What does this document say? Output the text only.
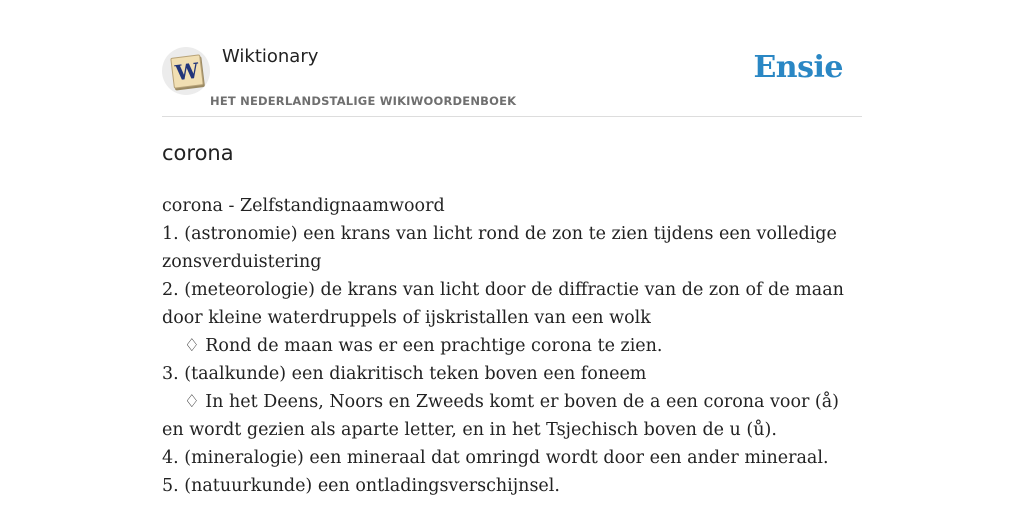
W
Wiktionary
HET NEDERLANDSTALIGE WIKIWOORDENBOEK
Ensie
corona

corona - Zelfstandignaamwoord

1. (astronomie) een krans van licht rond de zon te zien tijdens een volledige zonsverduistering

2. (meteorologie) de krans van licht door de diffractie van de zon of de maan door kleine waterdruppels of ijskristallen van een wolk

♢ Rond de maan was er een prachtige corona te zien.

3. (taalkunde) een diakritisch teken boven een foneem

♢ In het Deens, Noors en Zweeds komt er boven de a een corona voor (å) en wordt gezien als aparte letter, en in het Tsjechisch boven de u (ů).

4. (mineralogie) een mineraal dat omringd wordt door een ander mineraal.

5. (natuurkunde) een ontladingsverschijnsel.
